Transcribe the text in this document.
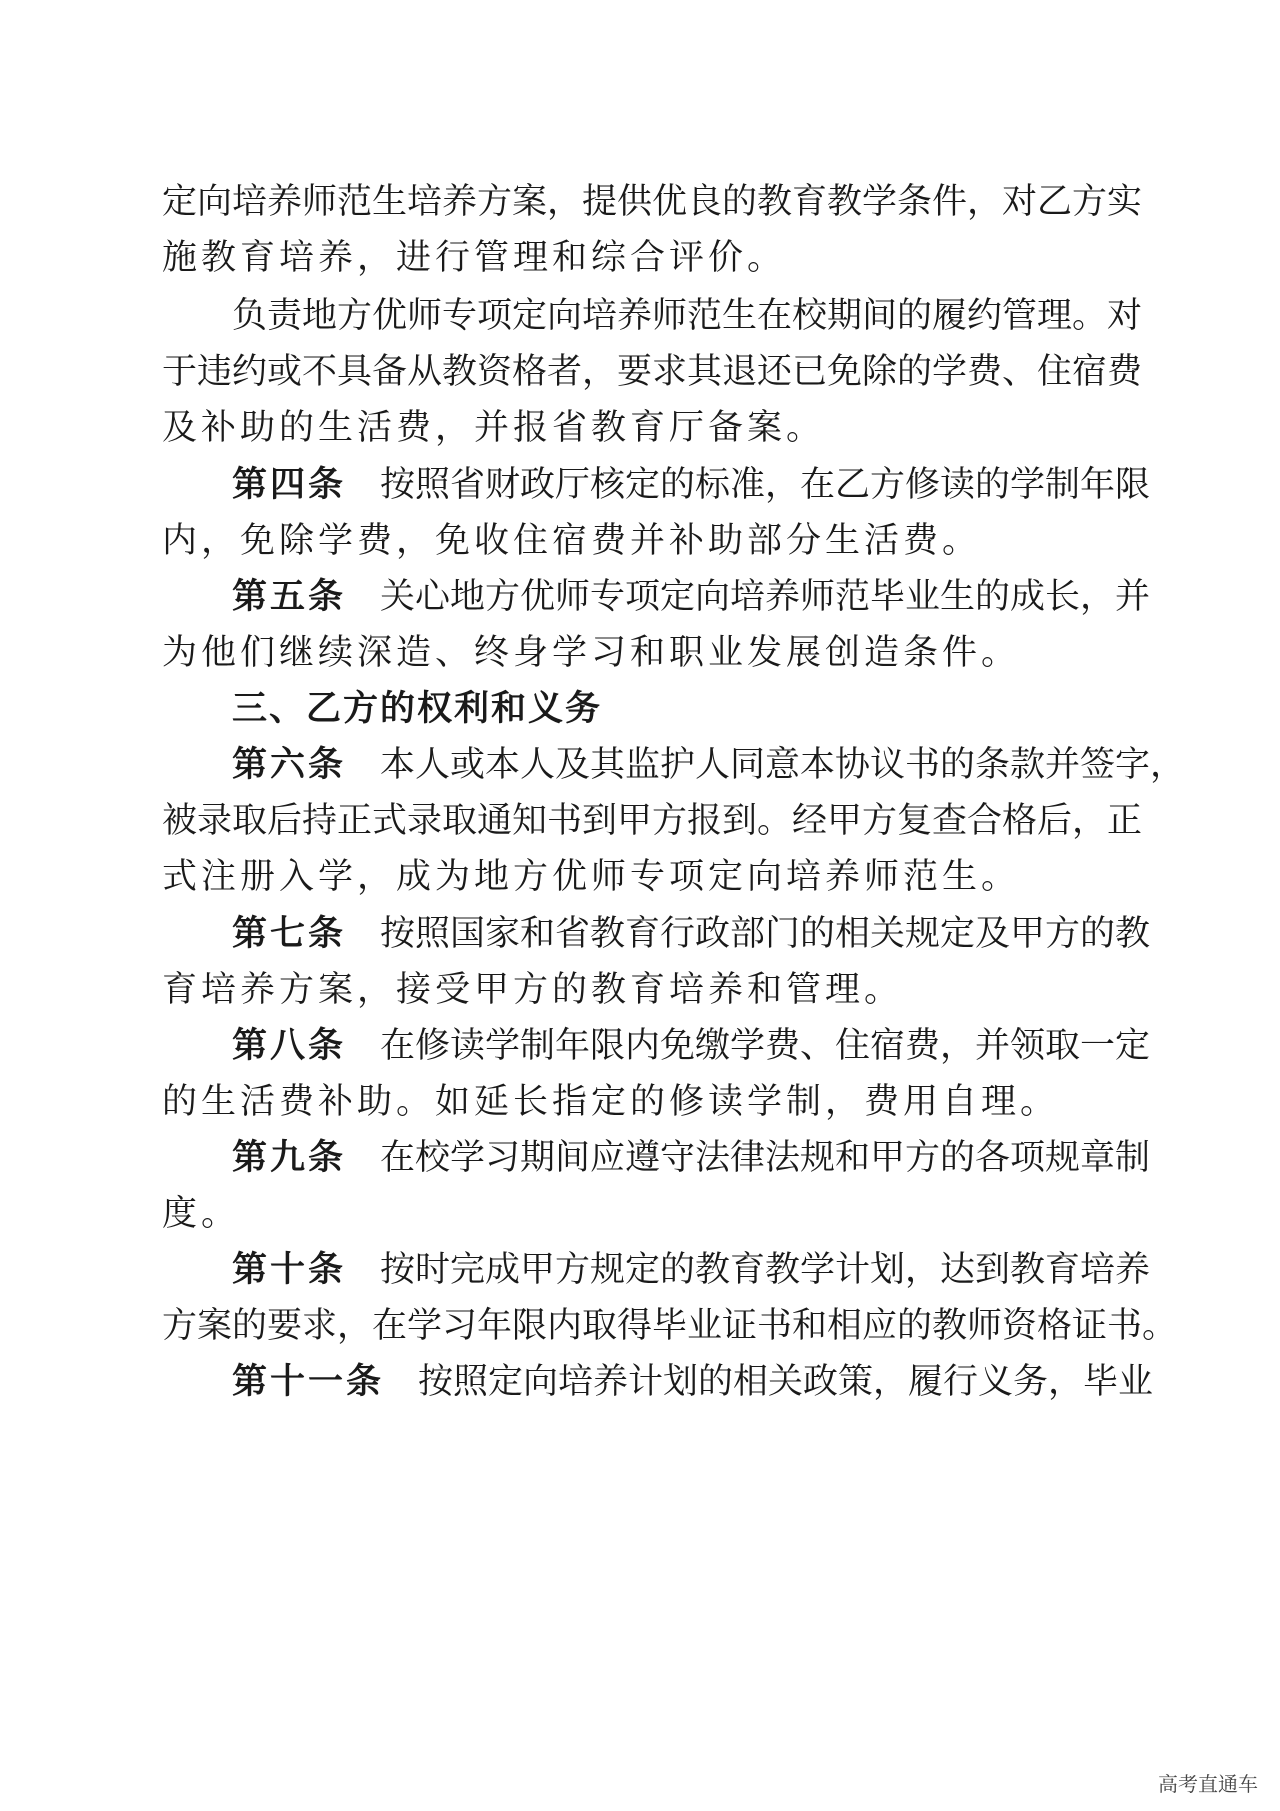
定向培养师范生培养方案，提供优良的教育教学条件，对乙方实

施教育培养，进行管理和综合评价。

负责地方优师专项定向培养师范生在校期间的履约管理。对

于违约或不具备从教资格者，要求其退还已免除的学费、住宿费

及补助的生活费，并报省教育厅备案。

第四条 按照省财政厅核定的标准，在乙方修读的学制年限

内，免除学费，免收住宿费并补助部分生活费。

第五条 关心地方优师专项定向培养师范毕业生的成长，并

为他们继续深造、终身学习和职业发展创造条件。

三、乙方的权利和义务

第六条 本人或本人及其监护人同意本协议书的条款并签字，

被录取后持正式录取通知书到甲方报到。经甲方复查合格后，正

式注册入学，成为地方优师专项定向培养师范生。

第七条 按照国家和省教育行政部门的相关规定及甲方的教

育培养方案，接受甲方的教育培养和管理。

第八条 在修读学制年限内免缴学费、住宿费，并领取一定

的生活费补助。如延长指定的修读学制，费用自理。

第九条 在校学习期间应遵守法律法规和甲方的各项规章制

度。

第十条 按时完成甲方规定的教育教学计划，达到教育培养

方案的要求，在学习年限内取得毕业证书和相应的教师资格证书。

第十一条 按照定向培养计划的相关政策，履行义务，毕业

高考直通车
